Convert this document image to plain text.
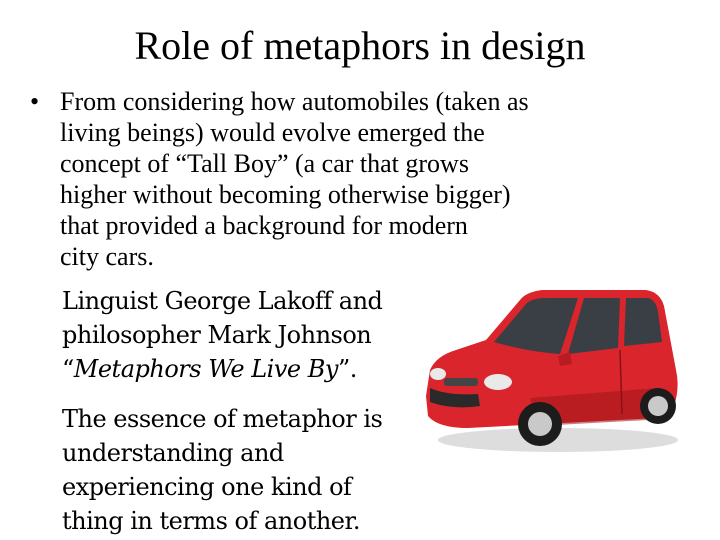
Role of metaphors in design
• From considering how automobiles (taken as
living beings) would evolve emerged the
concept of “Tall Boy” (a car that grows
higher without becoming otherwise bigger)
that provided a background for modern
city cars.
Linguist George Lakoff and
philosopher Mark Johnson
“Metaphors We Live By”.
The essence of metaphor is
understanding and
experiencing one kind of
thing in terms of another.
